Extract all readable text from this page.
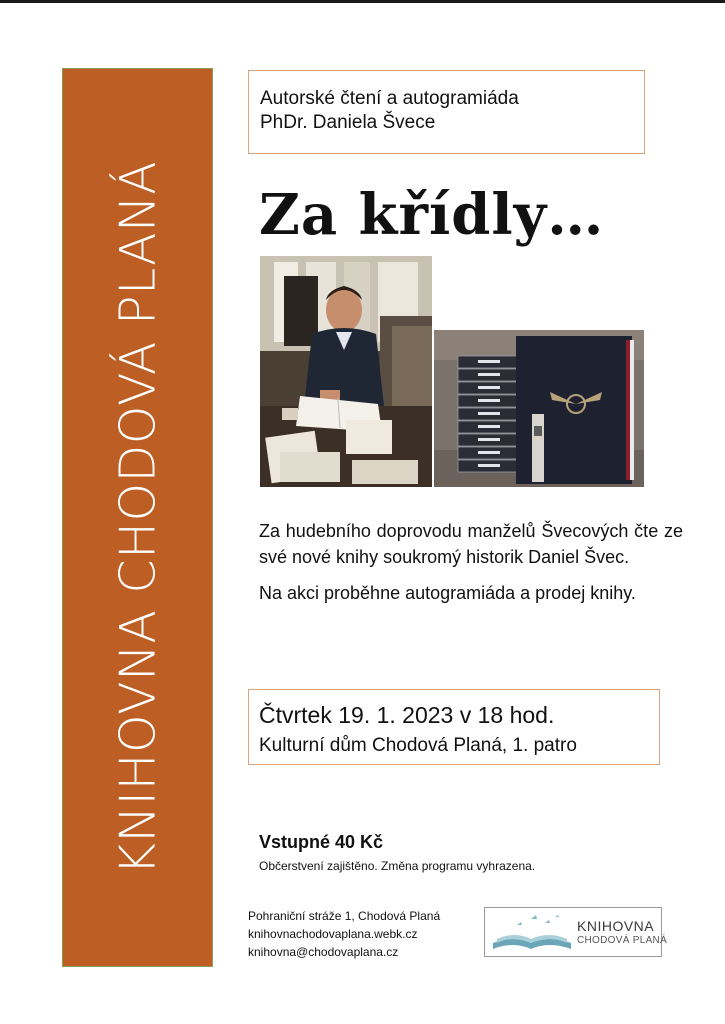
KNIHOVNA CHODOVÁ PLANÁ
Autorské čtení a autogramiáda
PhDr. Daniela Švece
Za křídly…

Za hudebního doprovodu manželů Švecových čte ze své nové knihy soukromý historik Daniel Švec.

Na akci proběhne autogramiáda a prodej knihy.

Čtvrtek 19. 1. 2023 v 18 hod.
Kulturní dům Chodová Planá, 1. patro
Vstupné 40 Kč
Občerstvení zajištěno. Změna programu vyhrazena.
Pohraniční stráže 1, Chodová Planá
knihovnachodovaplana.webk.cz
knihovna@chodovaplana.cz
KNIHOVNA
CHODOVÁ PLANÁ
